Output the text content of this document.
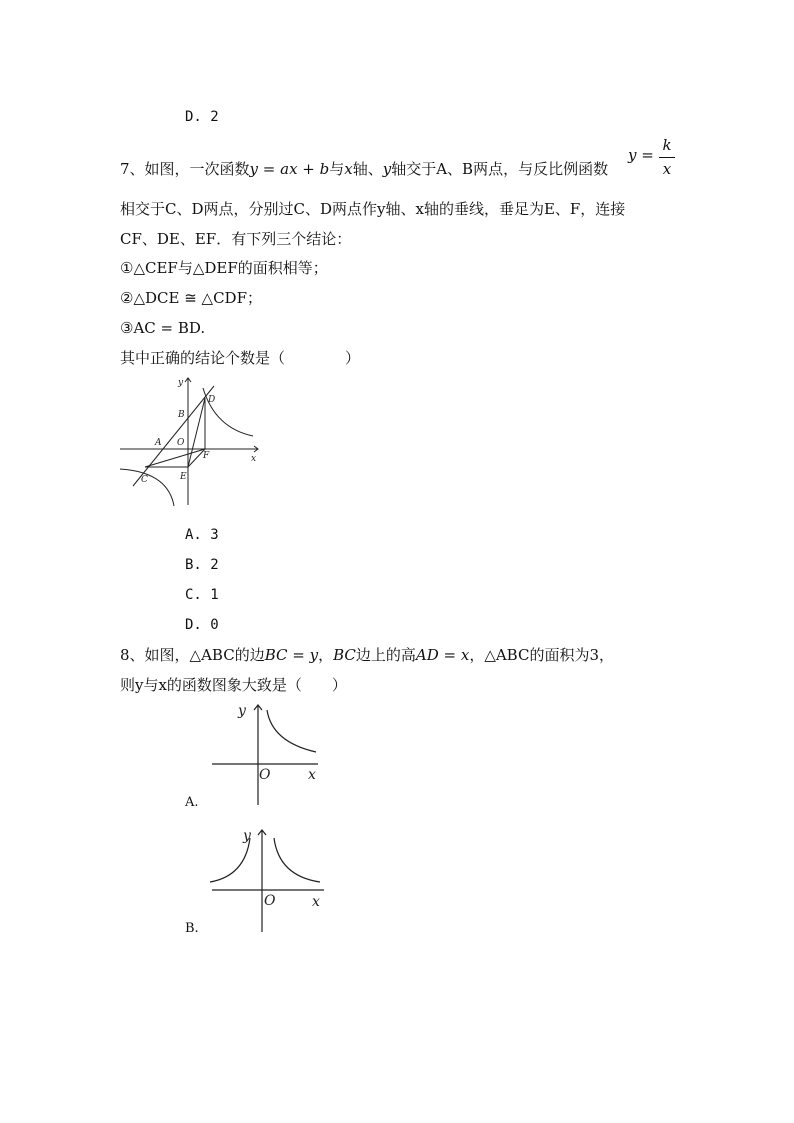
D. 2
7、如图，一次函数y = ax + b与x轴、y轴交于A、B两点，与反比例函数
y =
k
x
相交于C、D两点，分别过C、D两点作y轴、x轴的垂线，垂足为E、F，连接
CF、DE、EF．有下列三个结论：
①△CEF与△DEF的面积相等；
②△DCE ≅ △CDF；
③AC = BD.
其中正确的结论个数是（　　　　）
y
x
D
B
A O
F
C	E
A. 3
B. 2
C. 1
D. 0
8、如图，△ABC的边BC = y，BC边上的高AD = x，△ABC的面积为3，
则y与x的函数图象大致是（　　）
y
x
O
A.
y
x
O
B.
